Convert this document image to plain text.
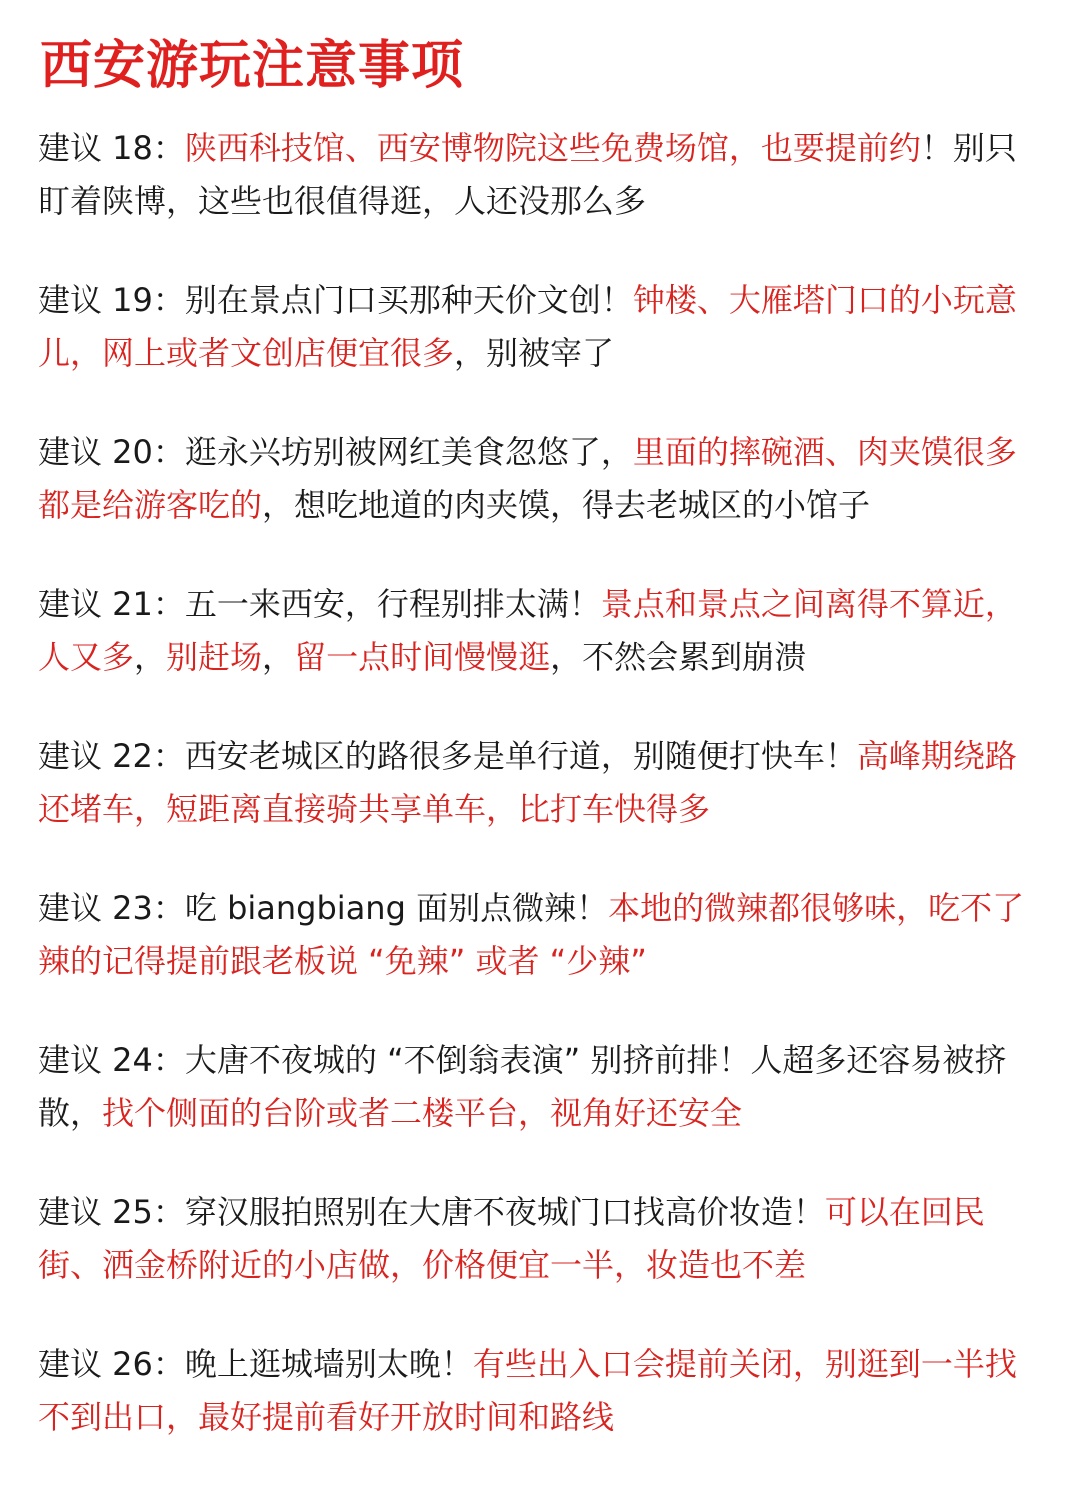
西安游玩注意事项

建议 18：陕西科技馆、西安博物院这些免费场馆，也要提前约！别只盯着陕博，这些也很值得逛，人还没那么多

建议 19：别在景点门口买那种天价文创！钟楼、大雁塔门口的小玩意儿，网上或者文创店便宜很多，别被宰了

建议 20：逛永兴坊别被网红美食忽悠了，里面的摔碗酒、肉夹馍很多都是给游客吃的，想吃地道的肉夹馍，得去老城区的小馆子

建议 21：五一来西安，行程别排太满！景点和景点之间离得不算近，人又多，别赶场，留一点时间慢慢逛，不然会累到崩溃

建议 22：西安老城区的路很多是单行道，别随便打快车！高峰期绕路还堵车，短距离直接骑共享单车，比打车快得多

建议 23：吃 biangbiang 面别点微辣！本地的微辣都很够味，吃不了辣的记得提前跟老板说 “免辣” 或者 “少辣”

建议 24：大唐不夜城的 “不倒翁表演” 别挤前排！人超多还容易被挤散，找个侧面的台阶或者二楼平台，视角好还安全

建议 25：穿汉服拍照别在大唐不夜城门口找高价妆造！可以在回民街、洒金桥附近的小店做，价格便宜一半，妆造也不差

建议 26：晚上逛城墙别太晚！有些出入口会提前关闭，别逛到一半找不到出口，最好提前看好开放时间和路线
